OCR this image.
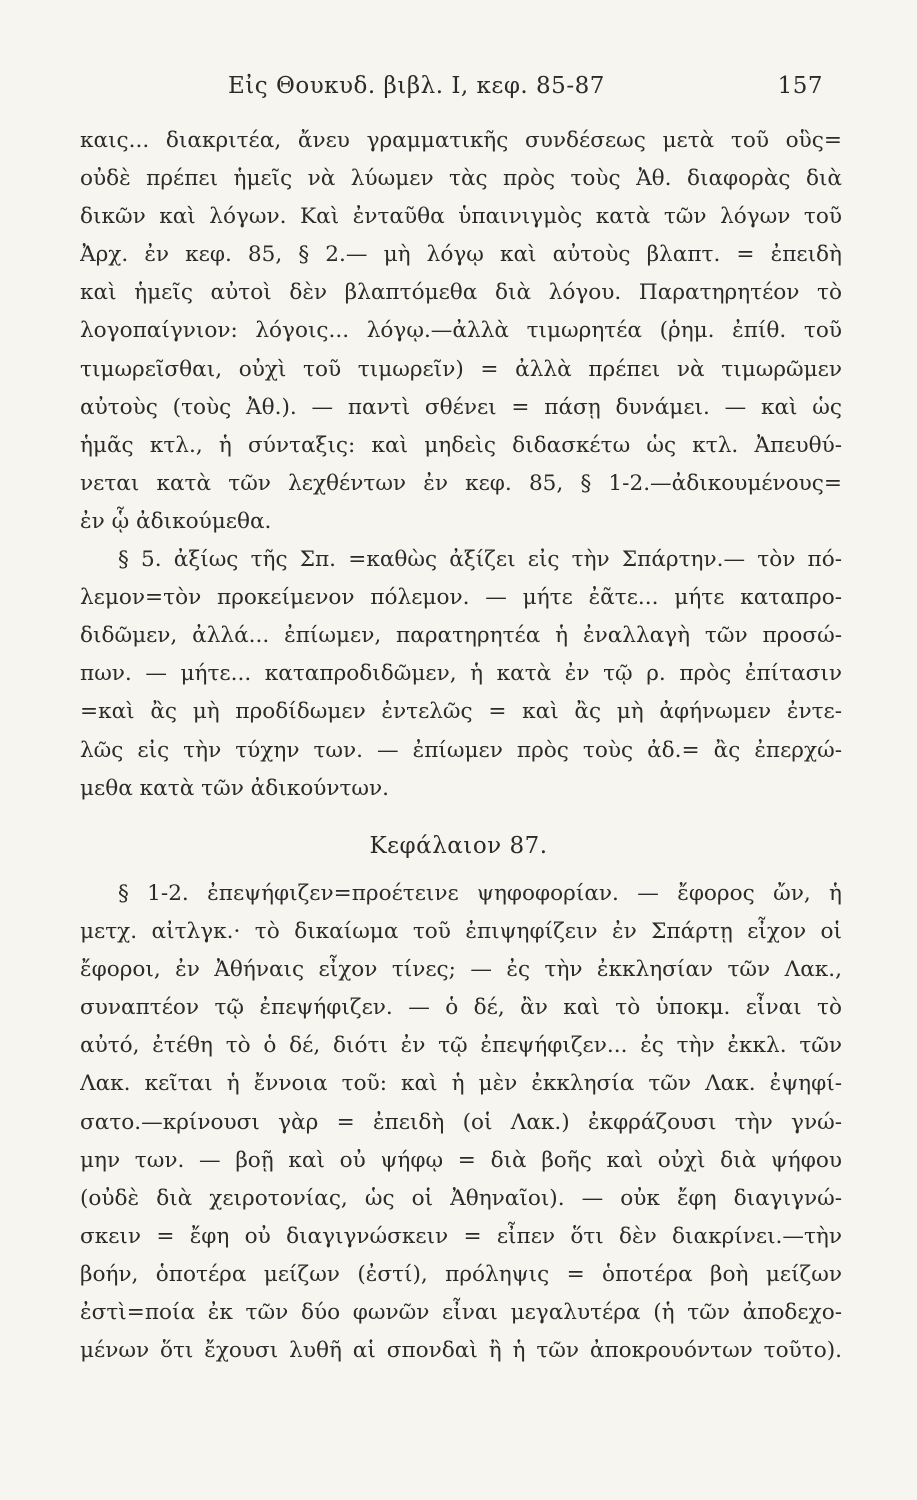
Εἰς Θουκυδ. βιβλ. I, κεφ. 85-87	157
καις... διακριτέα, ἄνευ γραμματικῆς συνδέσεως μετὰ τοῦ οὓς=
οὐδὲ πρέπει ἡμεῖς νὰ λύωμεν τὰς πρὸς τοὺς Ἀθ. διαφορὰς διὰ
δικῶν καὶ λόγων. Καὶ ἐνταῦθα ὑπαινιγμὸς κατὰ τῶν λόγων τοῦ
Ἀρχ. ἐν κεφ. 85, § 2.— μὴ λόγῳ καὶ αὐτοὺς βλαπτ. = ἐπειδὴ
καὶ ἡμεῖς αὐτοὶ δὲν βλαπτόμεθα διὰ λόγου. Παρατηρητέον τὸ
λογοπαίγνιον: λόγοις... λόγῳ.—ἀλλὰ τιμωρητέα (ῥημ. ἐπίθ. τοῦ
τιμωρεῖσθαι, οὐχὶ τοῦ τιμωρεῖν) = ἀλλὰ πρέπει νὰ τιμωρῶμεν
αὐτοὺς (τοὺς Ἀθ.). — παντὶ σθένει = πάσῃ δυνάμει. — καὶ ὡς
ἡμᾶς κτλ., ἡ σύνταξις: καὶ μηδεὶς διδασκέτω ὡς κτλ. Ἀπευθύ-
νεται κατὰ τῶν λεχθέντων ἐν κεφ. 85, § 1-2.—ἀδικουμένους=
ἐν ᾧ ἀδικούμεθα.
§ 5. ἀξίως τῆς Σπ. =καθὼς ἀξίζει εἰς τὴν Σπάρτην.— τὸν πό-
λεμον=τὸν προκείμενον πόλεμον. — μήτε ἐᾶτε... μήτε καταπρο-
διδῶμεν, ἀλλά... ἐπίωμεν, παρατηρητέα ἡ ἐναλλαγὴ τῶν προσώ-
πων. — μήτε... καταπροδιδῶμεν, ἡ κατὰ ἐν τῷ ρ. πρὸς ἐπίτασιν
=καὶ ἂς μὴ προδίδωμεν ἐντελῶς = καὶ ἂς μὴ ἀφήνωμεν ἐντε-
λῶς εἰς τὴν τύχην των. — ἐπίωμεν πρὸς τοὺς ἀδ.= ἂς ἐπερχώ-
μεθα κατὰ τῶν ἀδικούντων.
Κεφάλαιον 87.
§ 1-2. ἐπεψήφιζεν=προέτεινε ψηφοφορίαν. — ἔφορος ὤν, ἡ
μετχ. αἰτλγκ.· τὸ δικαίωμα τοῦ ἐπιψηφίζειν ἐν Σπάρτῃ εἶχον οἱ
ἔφοροι, ἐν Ἀθήναις εἶχον τίνες; — ἐς τὴν ἐκκλησίαν τῶν Λακ.,
συναπτέον τῷ ἐπεψήφιζεν. — ὁ δέ, ἂν καὶ τὸ ὑποκμ. εἶναι τὸ
αὐτό, ἐτέθη τὸ ὁ δέ, διότι ἐν τῷ ἐπεψήφιζεν... ἐς τὴν ἐκκλ. τῶν
Λακ. κεῖται ἡ ἔννοια τοῦ: καὶ ἡ μὲν ἐκκλησία τῶν Λακ. ἐψηφί-
σατο.—κρίνουσι γὰρ = ἐπειδὴ (οἱ Λακ.) ἐκφράζουσι τὴν γνώ-
μην των. — βοῇ καὶ οὐ ψήφῳ = διὰ βοῆς καὶ οὐχὶ διὰ ψήφου
(οὐδὲ διὰ χειροτονίας, ὡς οἱ Ἀθηναῖοι). — οὐκ ἔφη διαγιγνώ-
σκειν = ἔφη οὐ διαγιγνώσκειν = εἶπεν ὅτι δὲν διακρίνει.—τὴν
βοήν, ὁποτέρα μείζων (ἐστί), πρόληψις = ὁποτέρα βοὴ μείζων
ἐστὶ=ποία ἐκ τῶν δύο φωνῶν εἶναι μεγαλυτέρα (ἡ τῶν ἀποδεχο-
μένων ὅτι ἔχουσι λυθῆ αἱ σπονδαὶ ἢ ἡ τῶν ἀποκρουόντων τοῦτο).
